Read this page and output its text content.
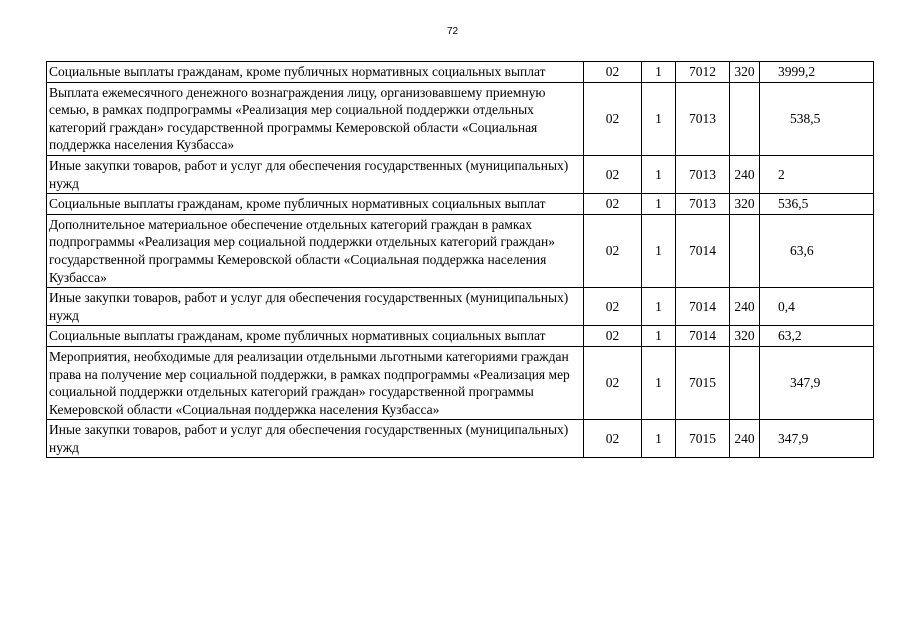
72
Социальные выплаты гражданам, кроме публичных нормативных социальных выплат	02	1	7012	320	3999,2
Выплата ежемесячного денежного вознаграждения лицу, организовавшему приемную семью, в рамках подпрограммы «Реализация мер социальной поддержки отдельных категорий граждан» государственной программы Кемеровской области «Социальная поддержка населения Кузбасса»	02	1	7013		538,5
Иные закупки товаров, работ и услуг для обеспечения государственных (муниципальных) нужд	02	1	7013	240	2
Социальные выплаты гражданам, кроме публичных нормативных социальных выплат	02	1	7013	320	536,5
Дополнительное материальное обеспечение отдельных категорий граждан в рамках подпрограммы «Реализация мер социальной поддержки отдельных категорий граждан» государственной программы Кемеровской области «Социальная поддержка населения Кузбасса»	02	1	7014		63,6
Иные закупки товаров, работ и услуг для обеспечения государственных (муниципальных) нужд	02	1	7014	240	0,4
Социальные выплаты гражданам, кроме публичных нормативных социальных выплат	02	1	7014	320	63,2
Мероприятия, необходимые для реализации отдельными льготными категориями граждан права на получение мер социальной поддержки, в рамках подпрограммы «Реализация мер социальной поддержки отдельных категорий граждан» государственной программы Кемеровской области «Социальная поддержка населения Кузбасса»	02	1	7015		347,9
Иные закупки товаров, работ и услуг для обеспечения государственных (муниципальных) нужд	02	1	7015	240	347,9
